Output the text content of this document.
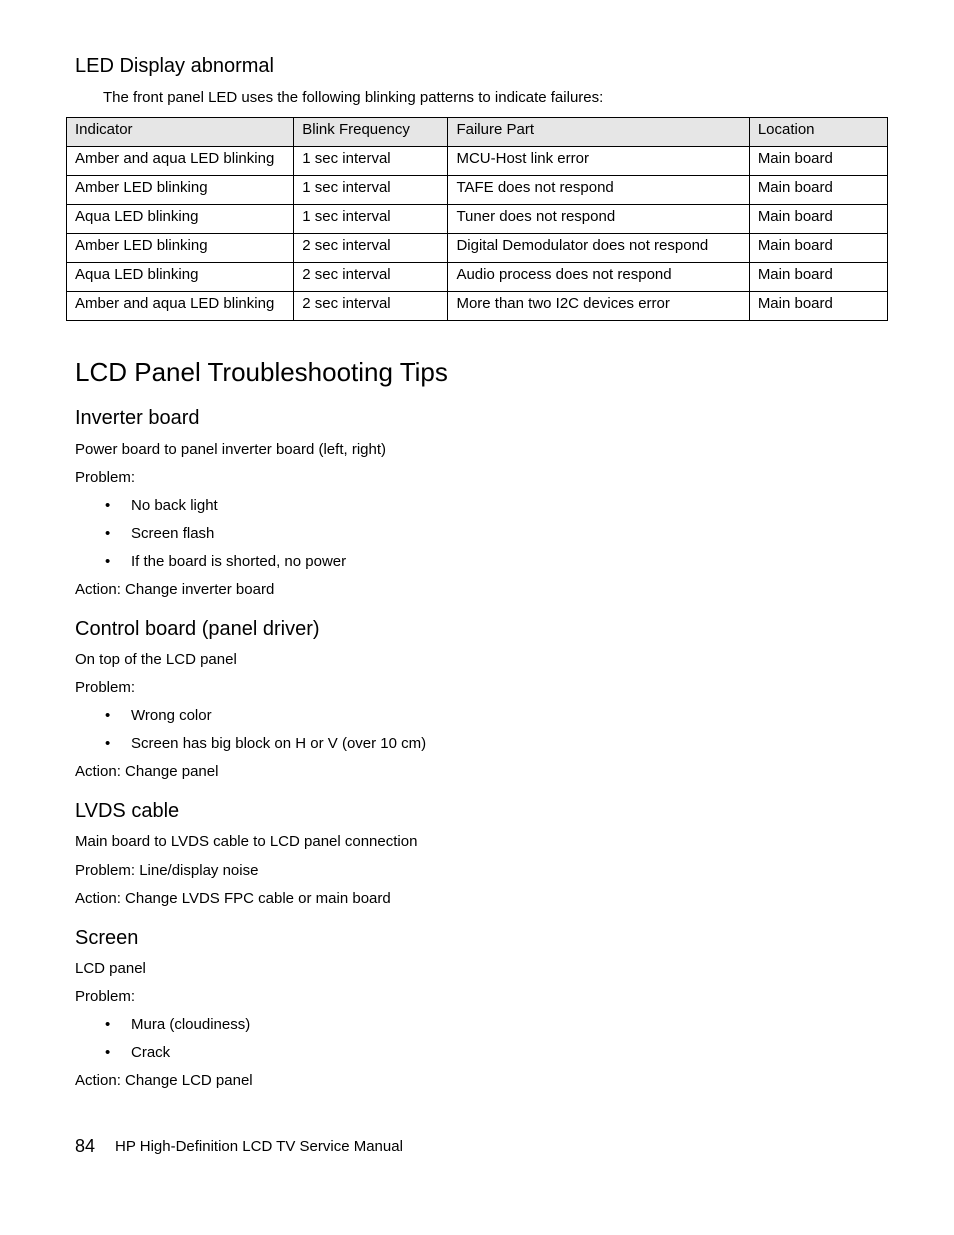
LED Display abnormal
The front panel LED uses the following blinking patterns to indicate failures:
Indicator	Blink Frequency	Failure Part	Location
Amber and aqua LED blinking	1 sec interval	MCU-Host link error	Main board
Amber LED blinking	1 sec interval	TAFE does not respond	Main board
Aqua LED blinking	1 sec interval	Tuner does not respond	Main board
Amber LED blinking	2 sec interval	Digital Demodulator does not respond	Main board
Aqua LED blinking	2 sec interval	Audio process does not respond	Main board
Amber and aqua LED blinking	2 sec interval	More than two I2C devices error	Main board
LCD Panel Troubleshooting Tips
Inverter board
Power board to panel inverter board (left, right)
Problem:
• No back light
• Screen flash
• If the board is shorted, no power
Action: Change inverter board
Control board (panel driver)
On top of the LCD panel
Problem:
• Wrong color
• Screen has big block on H or V (over 10 cm)
Action: Change panel
LVDS cable
Main board to LVDS cable to LCD panel connection
Problem: Line/display noise
Action: Change LVDS FPC cable or main board
Screen
LCD panel
Problem:
• Mura (cloudiness)
• Crack
Action: Change LCD panel
84 HP High-Definition LCD TV Service Manual
